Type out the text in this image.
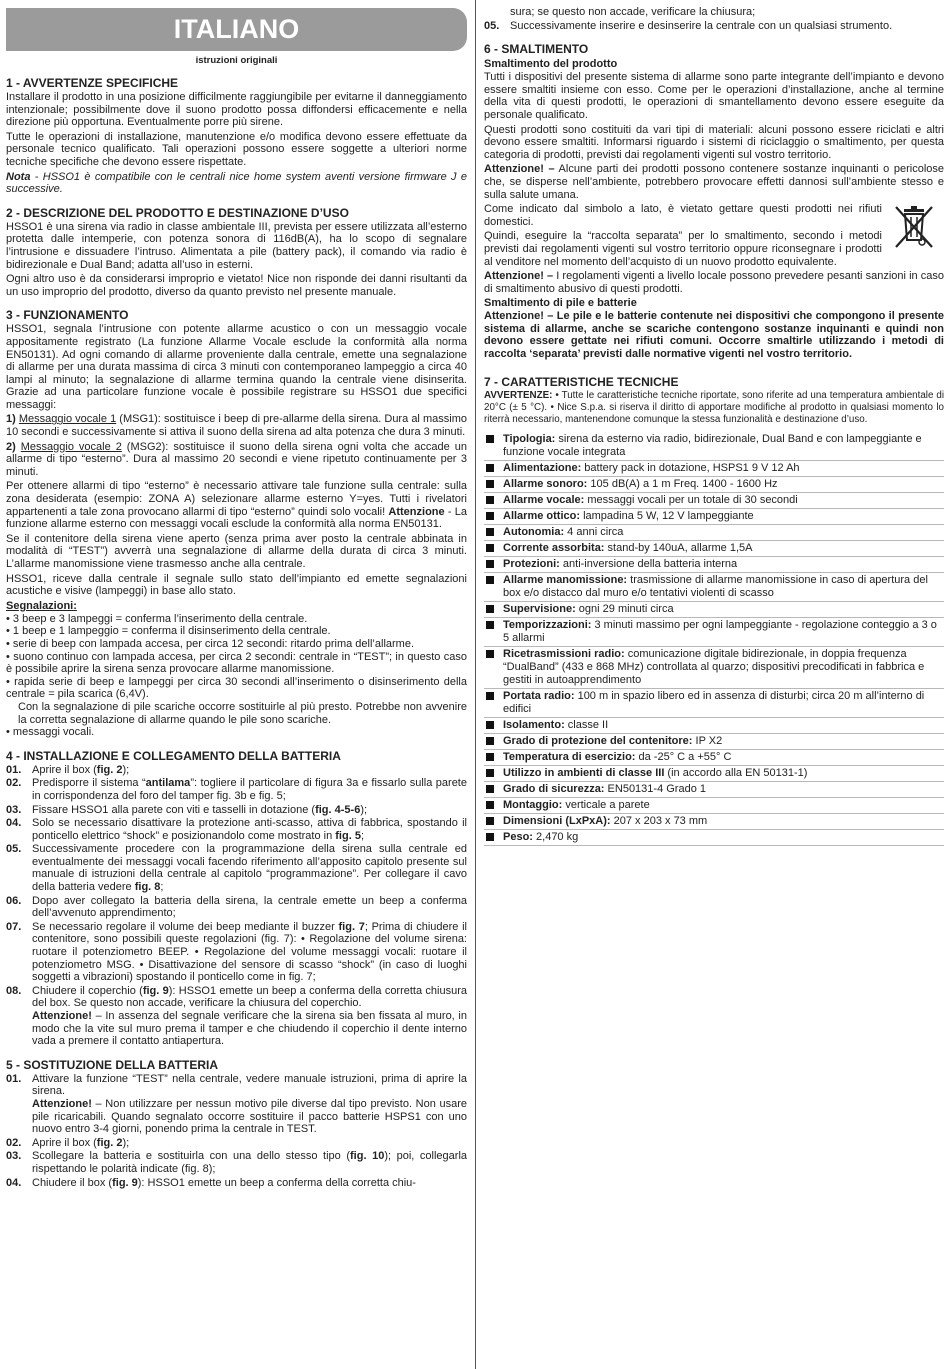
ITALIANO
istruzioni originali
1 - AVVERTENZE SPECIFICHE

Installare il prodotto in una posizione difficilmente raggiungibile per evitarne il danneggiamento intenzionale; possibilmente dove il suono prodotto possa diffondersi efficacemente e nella direzione più opportuna. Eventualmente porre più sirene.

Tutte le operazioni di installazione, manutenzione e/o modifica devono essere effettuate da personale tecnico qualificato. Tali operazioni possono essere soggette a ulteriori norme tecniche specifiche che devono essere rispettate.

Nota - HSSO1 è compatibile con le centrali nice home system aventi versione firmware J e successive.

2 - DESCRIZIONE DEL PRODOTTO E DESTINAZIONE D’USO

HSSO1 è una sirena via radio in classe ambientale III, prevista per essere utilizzata all’esterno protetta dalle intemperie, con potenza sonora di 116dB(A), ha lo scopo di segnalare l’intrusione e dissuadere l’intruso. Alimentata a pile (battery pack), il comando via radio è bidirezionale e Dual Band; adatta all’uso in esterni.

Ogni altro uso è da considerarsi improprio e vietato! Nice non risponde dei danni risultanti da un uso improprio del prodotto, diverso da quanto previsto nel presente manuale.

3 - FUNZIONAMENTO

HSSO1, segnala l’intrusione con potente allarme acustico o con un messaggio vocale appositamente registrato (La funzione Allarme Vocale esclude la conformità alla norma EN50131). Ad ogni comando di allarme proveniente dalla centrale, emette una segnalazione di allarme per una durata massima di circa 3 minuti con contemporaneo lampeggio a circa 40 lampi al minuto; la segnalazione di allarme termina quando la centrale viene disinserita. Grazie ad una particolare funzione vocale è possibile registrare su HSSO1 due specifici messaggi:

1) Messaggio vocale 1 (MSG1): sostituisce i beep di pre-allarme della sirena. Dura al massimo 10 secondi e successivamente si attiva il suono della sirena ad alta potenza che dura 3 minuti.

2) Messaggio vocale 2 (MSG2): sostituisce il suono della sirena ogni volta che accade un allarme di tipo “esterno”. Dura al massimo 20 secondi e viene ripetuto continuamente per 3 minuti.

Per ottenere allarmi di tipo “esterno” è necessario attivare tale funzione sulla centrale: sulla zona desiderata (esempio: ZONA A) selezionare allarme esterno Y=yes. Tutti i rivelatori appartenenti a tale zona provocano allarmi di tipo “esterno” quindi solo vocali! Attenzione - La funzione allarme esterno con messaggi vocali esclude la conformità alla norma EN50131.

Se il contenitore della sirena viene aperto (senza prima aver posto la centrale abbinata in modalità di “TEST”) avverrà una segnalazione di allarme della durata di circa 3 minuti. L’allarme manomissione viene trasmesso anche alla centrale.

HSSO1, riceve dalla centrale il segnale sullo stato dell’impianto ed emette segnalazioni acustiche e visive (lampeggi) in base allo stato.

Segnalazioni:

• 3 beep e 3 lampeggi = conferma l’inserimento della centrale.

• 1 beep e 1 lampeggio = conferma il disinserimento della centrale.

• serie di beep con lampada accesa, per circa 12 secondi: ritardo prima dell’allarme.

• suono continuo con lampada accesa, per circa 2 secondi: centrale in “TEST”; in questo caso è possibile aprire la sirena senza provocare allarme manomissione.

• rapida serie di beep e lampeggi per circa 30 secondi all’inserimento o disinserimento della centrale = pila scarica (6,4V).

Con la segnalazione di pile scariche occorre sostituirle al più presto. Potrebbe non avvenire la corretta segnalazione di allarme quando le pile sono scariche.

• messaggi vocali.

4 - INSTALLAZIONE E COLLEGAMENTO DELLA BATTERIA
01. Aprire il box (fig. 2);
02. Predisporre il sistema “antilama”: togliere il particolare di figura 3a e fissarlo sulla parete in corrispondenza del foro del tamper fig. 3b e fig. 5;
03. Fissare HSSO1 alla parete con viti e tasselli in dotazione (fig. 4-5-6);
04. Solo se necessario disattivare la protezione anti-scasso, attiva di fabbrica, spostando il ponticello elettrico “shock” e posizionandolo come mostrato in fig. 5;
05. Successivamente procedere con la programmazione della sirena sulla centrale ed eventualmente dei messaggi vocali facendo riferimento all’apposito capitolo presente sul manuale di istruzioni della centrale al capitolo “programmazione”. Per collegare il cavo della batteria vedere fig. 8;
06. Dopo aver collegato la batteria della sirena, la centrale emette un beep a conferma dell’avvenuto apprendimento;
07. Se necessario regolare il volume dei beep mediante il buzzer fig. 7; Prima di chiudere il contenitore, sono possibili queste regolazioni (fig. 7): • Regolazione del volume sirena: ruotare il potenziometro BEEP. • Regolazione del volume messaggi vocali: ruotare il potenziometro MSG. • Disattivazione del sensore di scasso “shock” (in caso di luoghi soggetti a vibrazioni) spostando il ponticello come in fig. 7;
08. Chiudere il coperchio (fig. 9): HSSO1 emette un beep a conferma della corretta chiusura del box. Se questo non accade, verificare la chiusura del coperchio.
Attenzione! – In assenza del segnale verificare che la sirena sia ben fissata al muro, in modo che la vite sul muro prema il tamper e che chiudendo il coperchio il dente interno vada a premere il contatto antiapertura.
5 - SOSTITUZIONE DELLA BATTERIA
01. Attivare la funzione “TEST” nella centrale, vedere manuale istruzioni, prima di aprire la sirena.
Attenzione! – Non utilizzare per nessun motivo pile diverse dal tipo previsto. Non usare pile ricaricabili. Quando segnalato occorre sostituire il pacco batterie HSPS1 con uno nuovo entro 3-4 giorni, ponendo prima la centrale in TEST.
02. Aprire il box (fig. 2);
03. Scollegare la batteria e sostituirla con una dello stesso tipo (fig. 10); poi, collegarla rispettando le polarità indicate (fig. 8);
04. Chiudere il box (fig. 9): HSSO1 emette un beep a conferma della corretta chiu-
sura; se questo non accade, verificare la chiusura;
05. Successivamente inserire e desinserire la centrale con un qualsiasi strumento.
6 - SMALTIMENTO
Smaltimento del prodotto

Tutti i dispositivi del presente sistema di allarme sono parte integrante dell’impianto e devono essere smaltiti insieme con esso. Come per le operazioni d’installazione, anche al termine della vita di questi prodotti, le operazioni di smantellamento devono essere eseguite da personale qualificato.

Questi prodotti sono costituiti da vari tipi di materiali: alcuni possono essere riciclati e altri devono essere smaltiti. Informarsi riguardo i sistemi di riciclaggio o smaltimento, per questa categoria di prodotti, previsti dai regolamenti vigenti sul vostro territorio.

Attenzione! – Alcune parti dei prodotti possono contenere sostanze inquinanti o pericolose che, se disperse nell’ambiente, potrebbero provocare effetti dannosi sull’ambiente stesso e sulla salute umana.

Come indicato dal simbolo a lato, è vietato gettare questi prodotti nei rifiuti domestici.

Quindi, eseguire la “raccolta separata” per lo smaltimento, secondo i metodi previsti dai regolamenti vigenti sul vostro territorio oppure riconsegnare i prodotti al venditore nel momento dell’acquisto di un nuovo prodotto equivalente.

Attenzione! – I regolamenti vigenti a livello locale possono prevedere pesanti sanzioni in caso di smaltimento abusivo di questi prodotti.

Smaltimento di pile e batterie

Attenzione! – Le pile e le batterie contenute nei dispositivi che compongono il presente sistema di allarme, anche se scariche contengono sostanze inquinanti e quindi non devono essere gettate nei rifiuti comuni. Occorre smaltirle utilizzando i metodi di raccolta ‘separata’ previsti dalle normative vigenti nel vostro territorio.

7 - CARATTERISTICHE TECNICHE

AVVERTENZE: • Tutte le caratteristiche tecniche riportate, sono riferite ad una temperatura ambientale di 20°C (± 5 °C). • Nice S.p.a. si riserva il diritto di apportare modifiche al prodotto in qualsiasi momento lo riterrà necessario, mantenendone comunque la stessa funzionalità e destinazione d’uso.

Tipologia: sirena da esterno via radio, bidirezionale, Dual Band e con lampeggiante e funzione vocale integrata
Alimentazione: battery pack in dotazione, HSPS1 9 V 12 Ah
Allarme sonoro: 105 dB(A) a 1 m Freq. 1400 - 1600 Hz
Allarme vocale: messaggi vocali per un totale di 30 secondi
Allarme ottico: lampadina 5 W, 12 V lampeggiante
Autonomia: 4 anni circa
Corrente assorbita: stand-by 140uA, allarme 1,5A
Protezioni: anti-inversione della batteria interna
Allarme manomissione: trasmissione di allarme manomissione in caso di apertura del box e/o distacco dal muro e/o tentativi violenti di scasso
Supervisione: ogni 29 minuti circa
Temporizzazioni: 3 minuti massimo per ogni lampeggiante - regolazione conteggio a 3 o 5 allarmi
Ricetrasmissioni radio: comunicazione digitale bidirezionale, in doppia frequenza “DualBand” (433 e 868 MHz) controllata al quarzo; dispositivi precodificati in fabbrica e gestiti in autoapprendimento
Portata radio: 100 m in spazio libero ed in assenza di disturbi; circa 20 m all’interno di edifici
Isolamento: classe II
Grado di protezione del contenitore: IP X2
Temperatura di esercizio: da -25° C a +55° C
Utilizzo in ambienti di classe III (in accordo alla EN 50131-1)
Grado di sicurezza: EN50131-4 Grado 1
Montaggio: verticale a parete
Dimensioni (LxPxA): 207 x 203 x 73 mm
Peso: 2,470 kg
